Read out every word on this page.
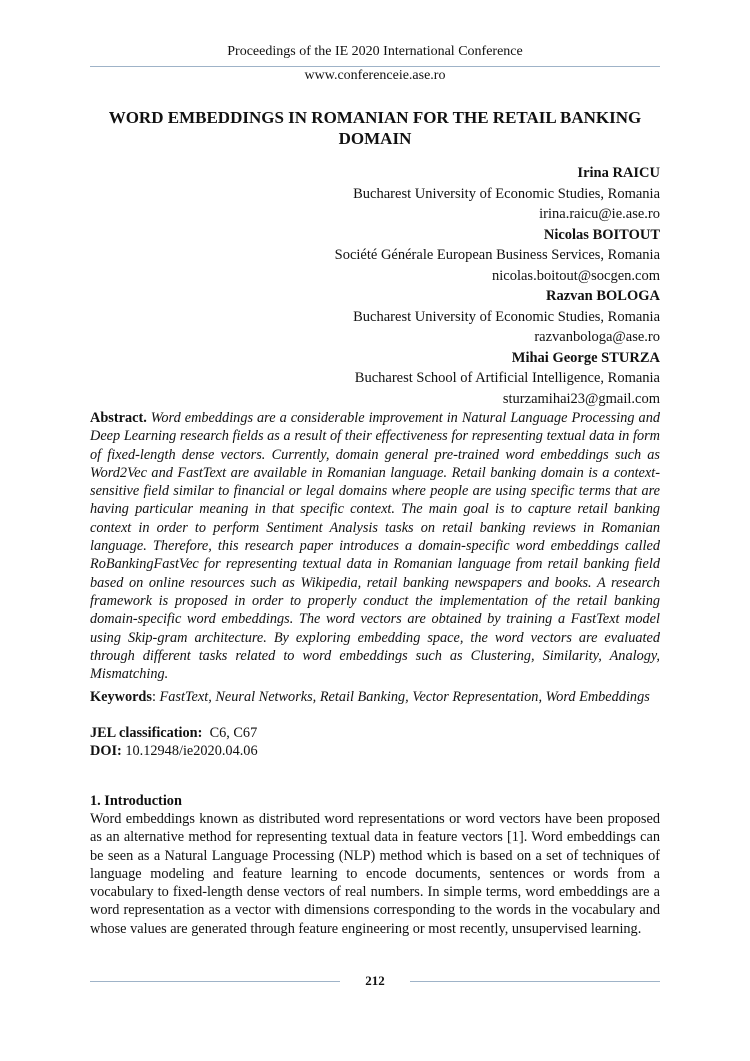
Proceedings of the IE 2020 International Conference
www.conferenceie.ase.ro
WORD EMBEDDINGS IN ROMANIAN FOR THE RETAIL BANKING DOMAIN
Irina RAICU
Bucharest University of Economic Studies, Romania
irina.raicu@ie.ase.ro
Nicolas BOITOUT
Société Générale European Business Services, Romania
nicolas.boitout@socgen.com
Razvan BOLOGA
Bucharest University of Economic Studies, Romania
razvanbologa@ase.ro
Mihai George STURZA
Bucharest School of Artificial Intelligence, Romania
sturzamihai23@gmail.com
Abstract. Word embeddings are a considerable improvement in Natural Language Processing and Deep Learning research fields as a result of their effectiveness for representing textual data in form of fixed-length dense vectors. Currently, domain general pre-trained word embeddings such as Word2Vec and FastText are available in Romanian language. Retail banking domain is a context-sensitive field similar to financial or legal domains where people are using specific terms that are having particular meaning in that specific context. The main goal is to capture retail banking context in order to perform Sentiment Analysis tasks on retail banking reviews in Romanian language. Therefore, this research paper introduces a domain-specific word embeddings called RoBankingFastVec for representing textual data in Romanian language from retail banking field based on online resources such as Wikipedia, retail banking newspapers and books. A research framework is proposed in order to properly conduct the implementation of the retail banking domain-specific word embeddings. The word vectors are obtained by training a FastText model using Skip-gram architecture. By exploring embedding space, the word vectors are evaluated through different tasks related to word embeddings such as Clustering, Similarity, Analogy, Mismatching.
Keywords: FastText, Neural Networks, Retail Banking, Vector Representation, Word Embeddings
JEL classification: C6, C67
DOI: 10.12948/ie2020.04.06
1. Introduction
Word embeddings known as distributed word representations or word vectors have been proposed as an alternative method for representing textual data in feature vectors [1]. Word embeddings can be seen as a Natural Language Processing (NLP) method which is based on a set of techniques of language modeling and feature learning to encode documents, sentences or words from a vocabulary to fixed-length dense vectors of real numbers. In simple terms, word embeddings are a word representation as a vector with dimensions corresponding to the words in the vocabulary and whose values are generated through feature engineering or most recently, unsupervised learning.
212
